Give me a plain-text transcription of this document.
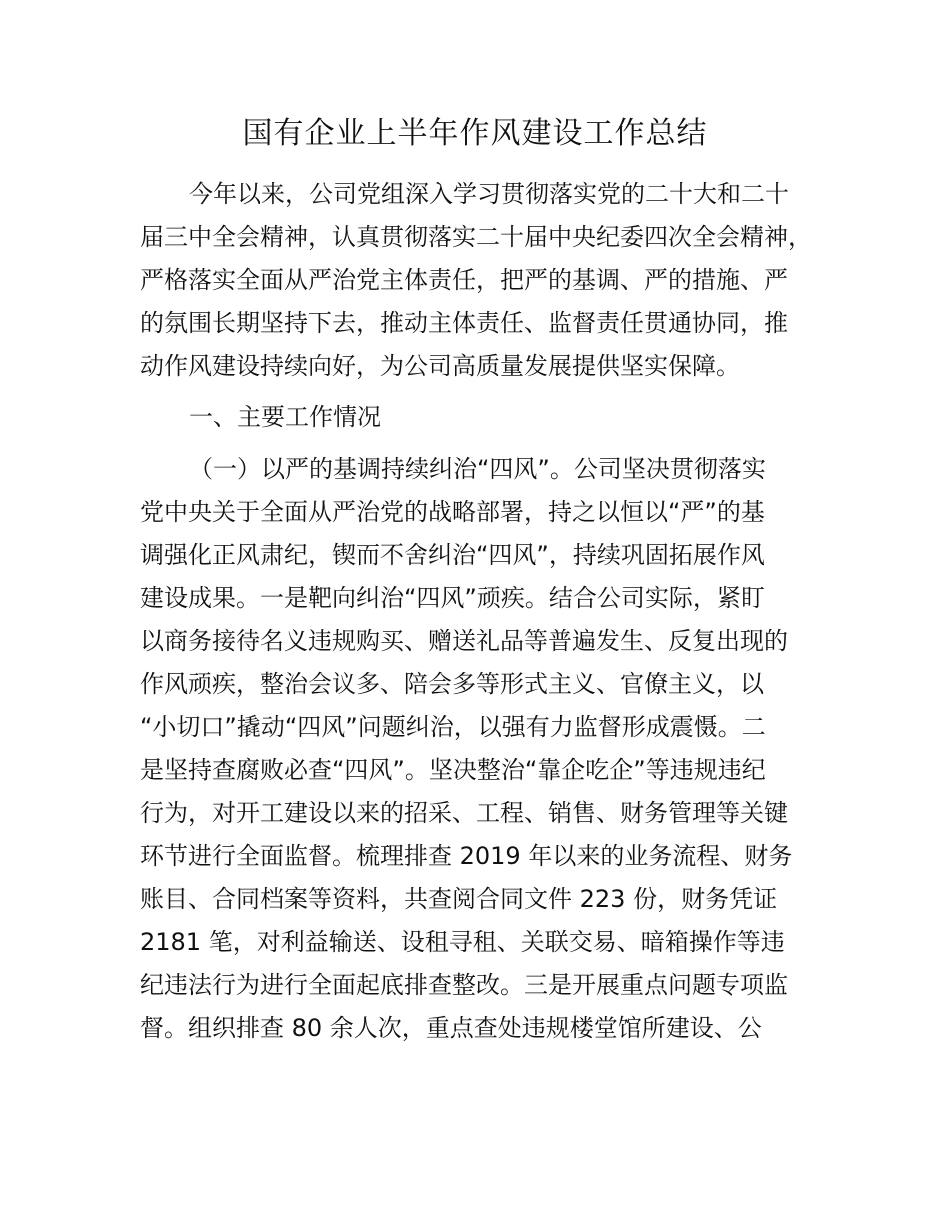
国有企业上半年作风建设工作总结

今年以来，公司党组深入学习贯彻落实党的二十大和二十

届三中全会精神，认真贯彻落实二十届中央纪委四次全会精神，

严格落实全面从严治党主体责任，把严的基调、严的措施、严

的氛围长期坚持下去，推动主体责任、监督责任贯通协同，推

动作风建设持续向好，为公司高质量发展提供坚实保障。

一、主要工作情况

（一）以严的基调持续纠治“四风”。公司坚决贯彻落实

党中央关于全面从严治党的战略部署，持之以恒以“严”的基

调强化正风肃纪，锲而不舍纠治“四风”，持续巩固拓展作风

建设成果。一是靶向纠治“四风”顽疾。结合公司实际，紧盯

以商务接待名义违规购买、赠送礼品等普遍发生、反复出现的

作风顽疾，整治会议多、陪会多等形式主义、官僚主义，以

“小切口”撬动“四风”问题纠治，以强有力监督形成震慑。二

是坚持查腐败必查“四风”。坚决整治“靠企吃企”等违规违纪

行为，对开工建设以来的招采、工程、销售、财务管理等关键

环节进行全面监督。梳理排查 2019 年以来的业务流程、财务

账目、合同档案等资料，共查阅合同文件 223 份，财务凭证

2181 笔，对利益输送、设租寻租、关联交易、暗箱操作等违

纪违法行为进行全面起底排查整改。三是开展重点问题专项监

督。组织排查 80 余人次，重点查处违规楼堂馆所建设、公
